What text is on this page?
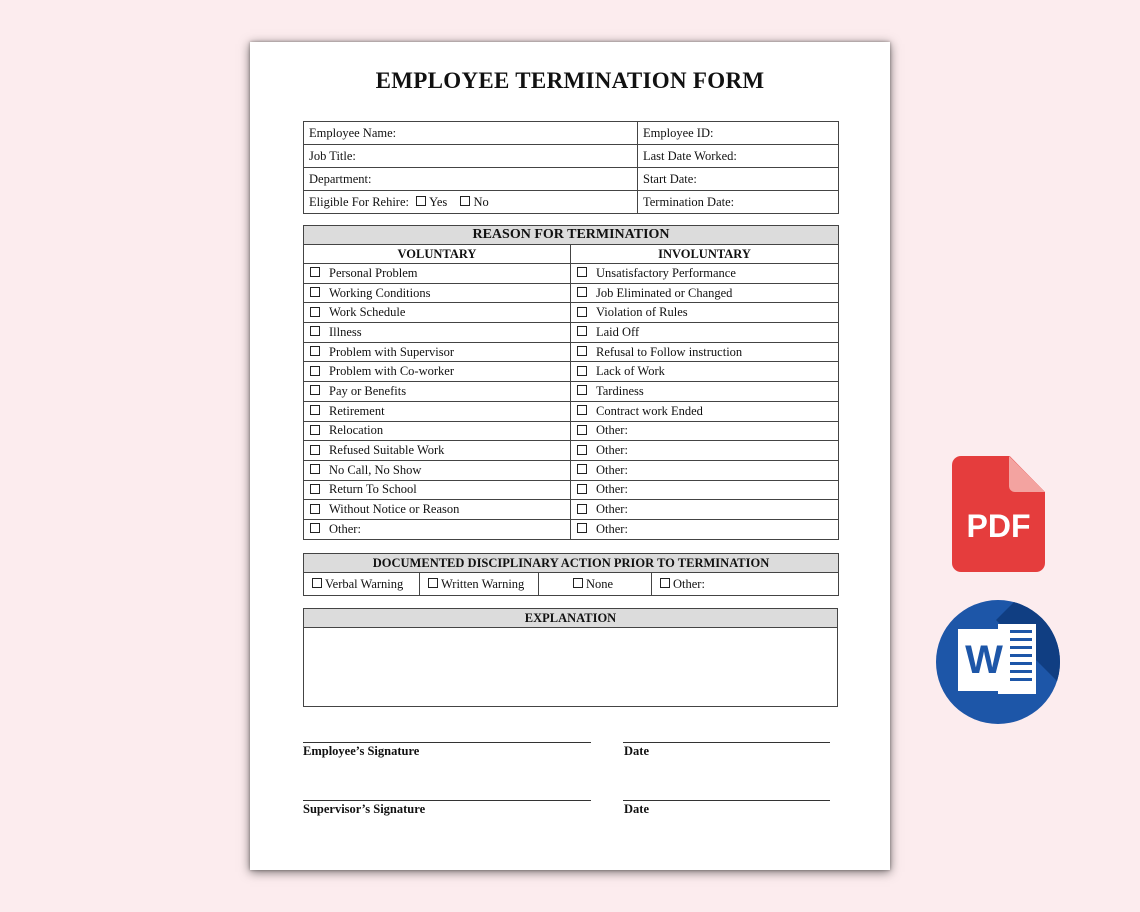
EMPLOYEE TERMINATION FORM
Employee Name:	Employee ID:
Job Title:	Last Date Worked:
Department:	Start Date:
Eligible For Rehire: Yes No	Termination Date:
REASON FOR TERMINATION	
VOLUNTARY	INVOLUNTARY
Personal Problem	Unsatisfactory Performance
Working Conditions	Job Eliminated or Changed
Work Schedule	Violation of Rules
Illness	Laid Off
Problem with Supervisor	Refusal to Follow instruction
Problem with Co-worker	Lack of Work
Pay or Benefits	Tardiness
Retirement	Contract work Ended
Relocation	Other:
Refused Suitable Work	Other:
No Call, No Show	Other:
Return To School	Other:
Without Notice or Reason	Other:
Other:	Other:
DOCUMENTED DISCIPLINARY ACTION PRIOR TO TERMINATION
Verbal Warning	Written Warning	None	Other:
EXPLANATION

Employee’s Signature	Date
Supervisor’s Signature	Date
PDF
W
